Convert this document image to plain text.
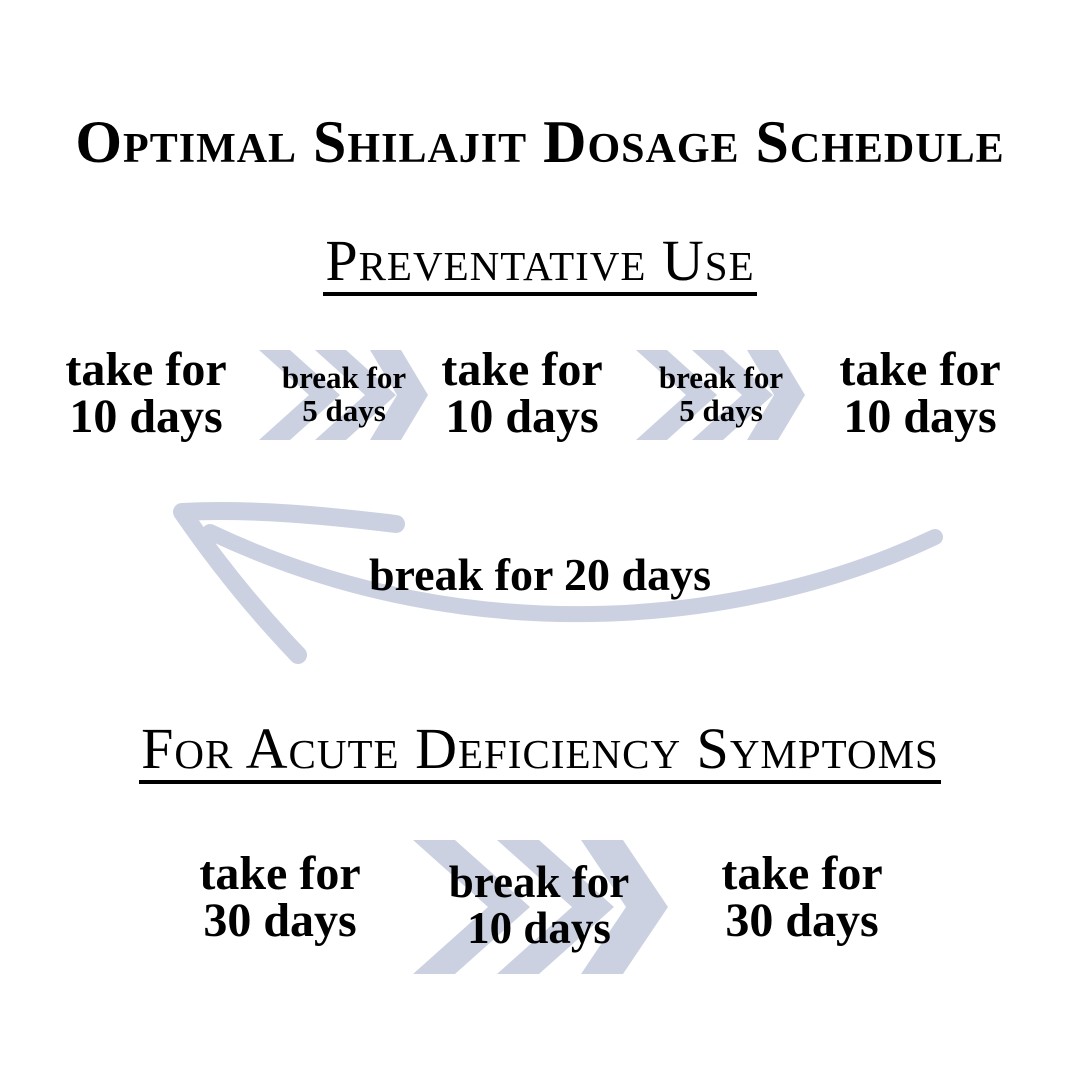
Optimal Shilajit Dosage Schedule
Preventative Use
take for
10 days
break for
5 days
take for
10 days
break for
5 days
take for
10 days
break for 20 days
For Acute Deficiency Symptoms
take for
30 days
break for
10 days
take for
30 days
